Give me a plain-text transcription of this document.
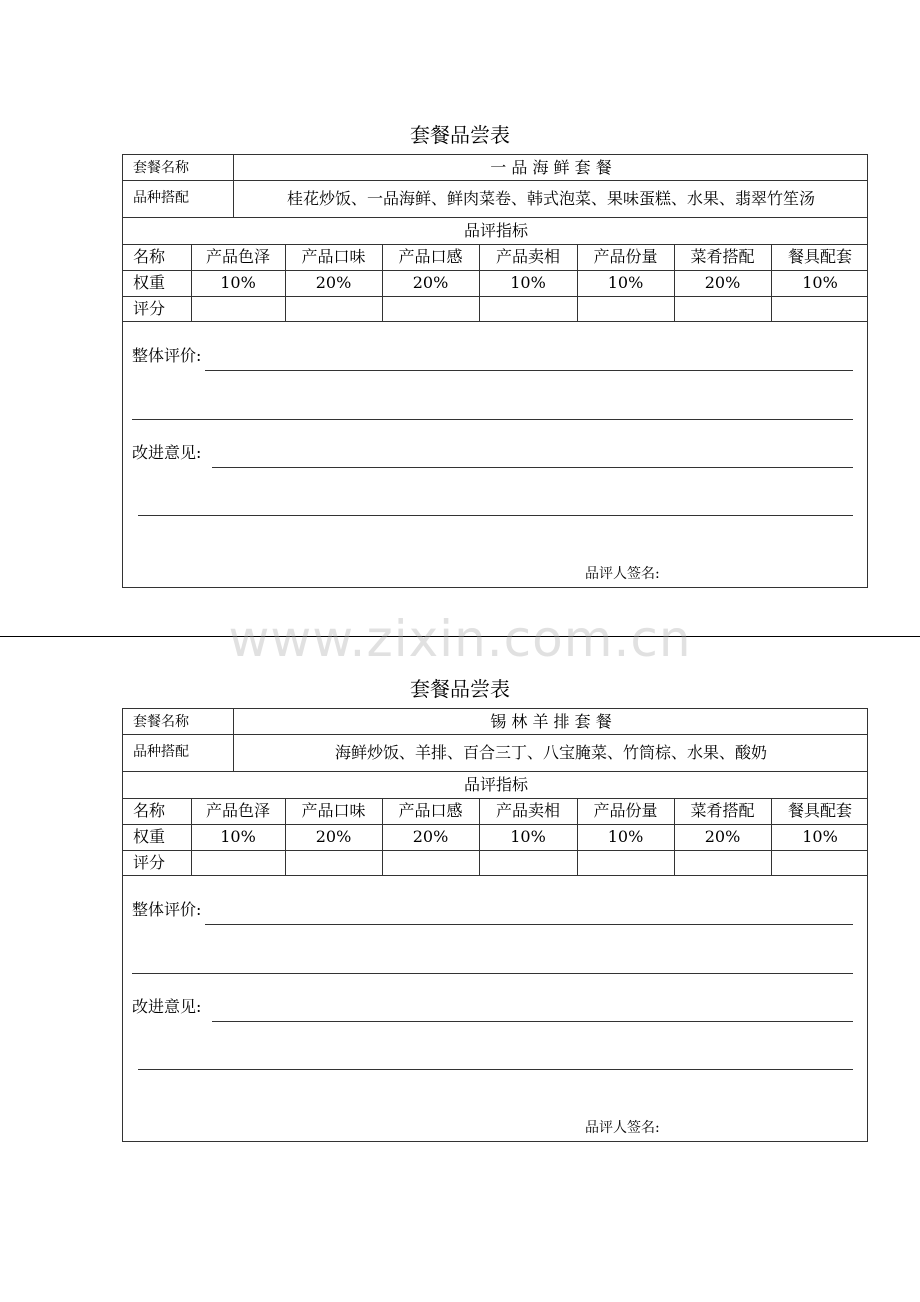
套餐品尝表
套餐名称	一 品 海 鲜 套 餐
品种搭配	桂花炒饭、一品海鲜、鲜肉菜卷、韩式泡菜、果味蛋糕、水果、翡翠竹笙汤
品评指标
名称	产品色泽	产品口味	产品口感	产品卖相	产品份量	菜肴搭配	餐具配套
权重	10%	20%	20%	10%	10%	20%	10%
评分
整体评价:
改进意见:
品评人签名:
www.zixin.com.cn
套餐品尝表
套餐名称	锡 林 羊 排 套 餐
品种搭配	海鲜炒饭、羊排、百合三丁、八宝腌菜、竹筒棕、水果、酸奶
品评指标
名称	产品色泽	产品口味	产品口感	产品卖相	产品份量	菜肴搭配	餐具配套
权重	10%	20%	20%	10%	10%	20%	10%
评分
整体评价:
改进意见:
品评人签名:
